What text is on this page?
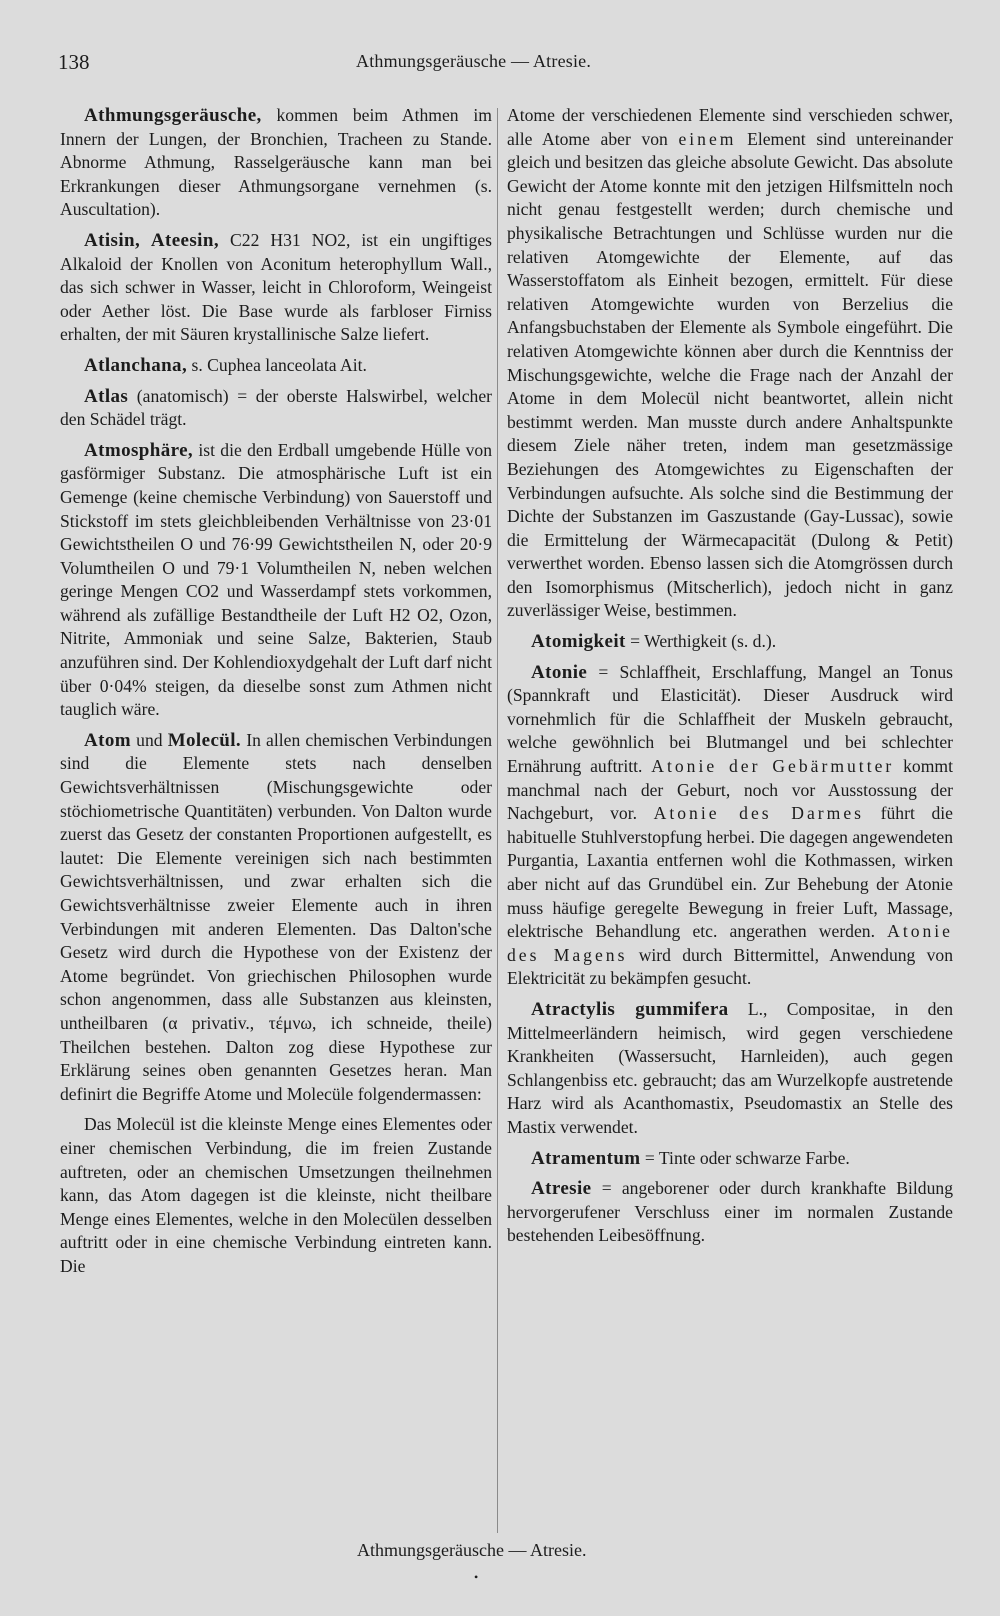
138	Athmungsgeräusche — Atresie.

Athmungsgeräusche, kommen beim Athmen im Innern der Lungen, der Bronchien, Tracheen zu Stande. Abnorme Athmung, Rasselgeräusche kann man bei Erkrankungen dieser Athmungsorgane vernehmen (s. Auscultation).

Atisin, Ateesin, C22 H31 NO2, ist ein ungiftiges Alkaloid der Knollen von Aconitum heterophyllum Wall., das sich schwer in Wasser, leicht in Chloroform, Weingeist oder Aether löst. Die Base wurde als farbloser Firniss erhalten, der mit Säuren krystallinische Salze liefert.

Atlanchana, s. Cuphea lanceolata Ait.

Atlas (anatomisch) = der oberste Halswirbel, welcher den Schädel trägt.

Atmosphäre, ist die den Erdball umgebende Hülle von gasförmiger Substanz. Die atmosphärische Luft ist ein Gemenge (keine chemische Verbindung) von Sauerstoff und Stickstoff im stets gleichbleibenden Verhältnisse von 23·01 Gewichtstheilen O und 76·99 Gewichtstheilen N, oder 20·9 Volumtheilen O und 79·1 Volumtheilen N, neben welchen geringe Mengen CO2 und Wasserdampf stets vorkommen, während als zufällige Bestandtheile der Luft H2 O2, Ozon, Nitrite, Ammoniak und seine Salze, Bakterien, Staub anzuführen sind. Der Kohlendioxydgehalt der Luft darf nicht über 0·04% steigen, da dieselbe sonst zum Athmen nicht tauglich wäre.

Atom und Molecül. In allen chemischen Verbindungen sind die Elemente stets nach denselben Gewichtsverhältnissen (Mischungsgewichte oder stöchiometrische Quantitäten) verbunden. Von Dalton wurde zuerst das Gesetz der constanten Proportionen aufgestellt, es lautet: Die Elemente vereinigen sich nach bestimmten Gewichtsverhältnissen, und zwar erhalten sich die Gewichtsverhältnisse zweier Elemente auch in ihren Verbindungen mit anderen Elementen. Das Dalton'sche Gesetz wird durch die Hypothese von der Existenz der Atome begründet. Von griechischen Philosophen wurde schon angenommen, dass alle Substanzen aus kleinsten, untheilbaren (α privativ., τέμνω, ich schneide, theile) Theilchen bestehen. Dalton zog diese Hypothese zur Erklärung seines oben genannten Gesetzes heran. Man definirt die Begriffe Atome und Molecüle folgendermassen:

Das Molecül ist die kleinste Menge eines Elementes oder einer chemischen Verbindung, die im freien Zustande auftreten, oder an chemischen Umsetzungen theilnehmen kann, das Atom dagegen ist die kleinste, nicht theilbare Menge eines Elementes, welche in den Molecülen desselben auftritt oder in eine chemische Verbindung eintreten kann. Die

Atome der verschiedenen Elemente sind verschieden schwer, alle Atome aber von einem Element sind untereinander gleich und besitzen das gleiche absolute Gewicht. Das absolute Gewicht der Atome konnte mit den jetzigen Hilfsmitteln noch nicht genau festgestellt werden; durch chemische und physikalische Betrachtungen und Schlüsse wurden nur die relativen Atomgewichte der Elemente, auf das Wasserstoffatom als Einheit bezogen, ermittelt. Für diese relativen Atomgewichte wurden von Berzelius die Anfangsbuchstaben der Elemente als Symbole eingeführt. Die relativen Atomgewichte können aber durch die Kenntniss der Mischungsgewichte, welche die Frage nach der Anzahl der Atome in dem Molecül nicht beantwortet, allein nicht bestimmt werden. Man musste durch andere Anhaltspunkte diesem Ziele näher treten, indem man gesetzmässige Beziehungen des Atomgewichtes zu Eigenschaften der Verbindungen aufsuchte. Als solche sind die Bestimmung der Dichte der Substanzen im Gaszustande (Gay-Lussac), sowie die Ermittelung der Wärmecapacität (Dulong & Petit) verwerthet worden. Ebenso lassen sich die Atomgrössen durch den Isomorphismus (Mitscherlich), jedoch nicht in ganz zuverlässiger Weise, bestimmen.

Atomigkeit = Werthigkeit (s. d.).

Atonie = Schlaffheit, Erschlaffung, Mangel an Tonus (Spannkraft und Elasticität). Dieser Ausdruck wird vornehmlich für die Schlaffheit der Muskeln gebraucht, welche gewöhnlich bei Blutmangel und bei schlechter Ernährung auftritt. Atonie der Gebärmutter kommt manchmal nach der Geburt, noch vor Ausstossung der Nachgeburt, vor. Atonie des Darmes führt die habituelle Stuhlverstopfung herbei. Die dagegen angewendeten Purgantia, Laxantia entfernen wohl die Kothmassen, wirken aber nicht auf das Grundübel ein. Zur Behebung der Atonie muss häufige geregelte Bewegung in freier Luft, Massage, elektrische Behandlung etc. angerathen werden. Atonie des Magens wird durch Bittermittel, Anwendung von Elektricität zu bekämpfen gesucht.

Atractylis gummifera L., Compositae, in den Mittelmeerländern heimisch, wird gegen verschiedene Krankheiten (Wassersucht, Harnleiden), auch gegen Schlangenbiss etc. gebraucht; das am Wurzelkopfe austretende Harz wird als Acanthomastix, Pseudomastix an Stelle des Mastix verwendet.

Atramentum = Tinte oder schwarze Farbe.

Atresie = angeborener oder durch krankhafte Bildung hervorgerufener Verschluss einer im normalen Zustande bestehenden Leibesöffnung.

Athmungsgeräusche — Atresie.
•
